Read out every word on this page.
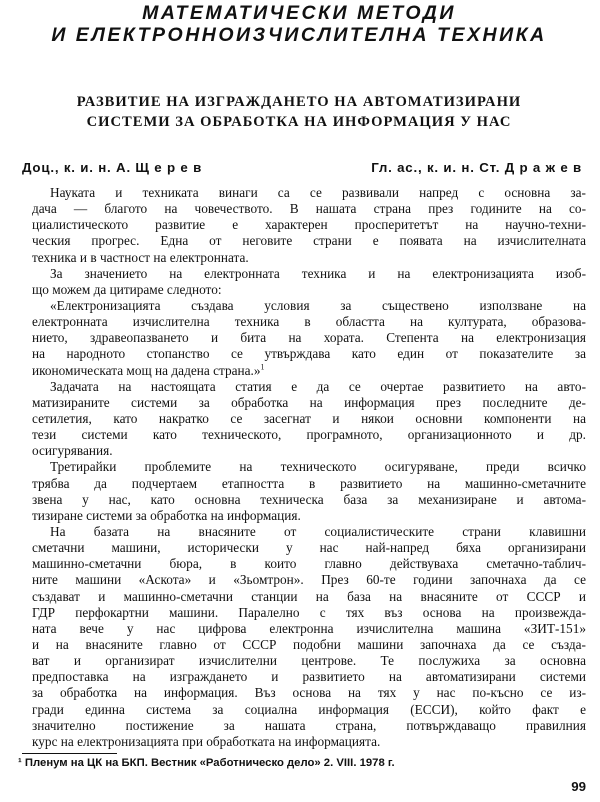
МАТЕМАТИЧЕСКИ МЕТОДИ
И ЕЛЕКТРОННОИЗЧИСЛИТЕЛНА ТЕХНИКА
РАЗВИТИЕ НА ИЗГРАЖДАНЕТО НА АВТОМАТИЗИРАНИ
СИСТЕМИ ЗА ОБРАБОТКА НА ИНФОРМАЦИЯ У НАС
Доц., к. и. н. А. Щ е р е в	Гл. ас., к. и. н. Ст. Д р а ж е в
Науката и техниката винаги са се развивали напред с основна за-
дача — благото на човечеството. В нашата страна през годините на со-
циалистическото развитие е характерен просперитетът на научно-техни-
ческия прогрес. Една от неговите страни е появата на изчислителната
техника и в частност на електронната.
За значението на електронната техника и на електронизацията изоб-
що можем да цитираме следното:
«Електронизацията създава условия за съществено използване на
електронната изчислителна техника в областта на културата, образова-
нието, здравеопазването и бита на хората. Степента на електронизация
на народното стопанство се утвърждава като един от показателите за
икономическата мощ на дадена страна.»$^1$
Задачата на настоящата статия е да се очертае развитието на авто-
матизираните системи за обработка на информация през последните де-
сетилетия, като накратко се засегнат и някои основни компоненти на
тези системи като техническото, програмното, организационното и др.
осигурявания.
Третирайки проблемите на техническото осигуряване, преди всичко
трябва да подчертаем етапността в развитието на машинно-сметачните
звена у нас, като основна техническа база за механизиране и автома-
тизиране системи за обработка на информация.
На базата на внасяните от социалистическите страни клавишни
сметачни машини, исторически у нас най-напред бяха организирани
машинно-сметачни бюра, в които главно действуваха сметачно-таблич-
ните машини «Аскота» и «Зьомтрон». През 60-те години започнаха да се
създават и машинно-сметачни станции на база на внасяните от СССР и
ГДР перфокартни машини. Паралелно с тях въз основа на произвежда-
ната вече у нас цифрова електронна изчислителна машина «ЗИТ-151»
и на внасяните главно от СССР подобни машини започнаха да се създа-
ват и организират изчислителни центрове. Те послужиха за основна
предпоставка на изграждането и развитието на автоматизирани системи
за обработка на информация. Въз основа на тях у нас по-късно се из-
гради единна система за социална информация (ЕССИ), който факт е
значително постижение за нашата страна, потвърждаващо правилния
курс на електронизацията при обработката на информацията.
¹ Пленум на ЦК на БКП. Вестник «Работническо дело» 2. VIII. 1978 г.
99
